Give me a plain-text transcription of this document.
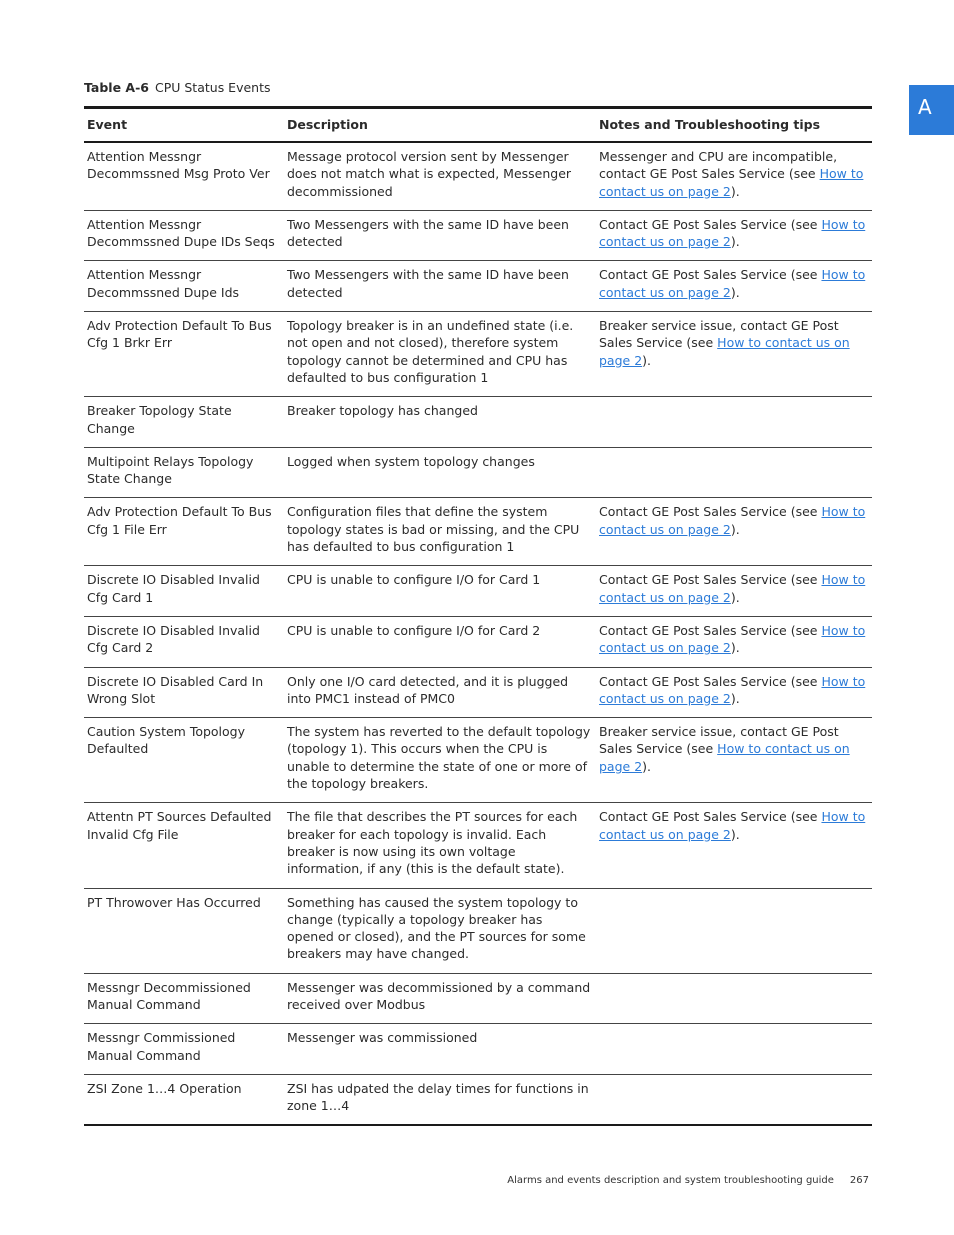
A
Table A-6 CPU Status Events
Event	Description	Notes and Troubleshooting tips
Attention Messngr Decommssned Msg Proto Ver	Message protocol version sent by Messenger does not match what is expected, Messenger decommissioned	Messenger and CPU are incompatible, contact GE Post Sales Service (see How to contact us on page 2).
Attention Messngr Decommssned Dupe IDs Seqs	Two Messengers with the same ID have been detected	Contact GE Post Sales Service (see How to contact us on page 2).
Attention Messngr Decommssned Dupe Ids	Two Messengers with the same ID have been detected	Contact GE Post Sales Service (see How to contact us on page 2).
Adv Protection Default To Bus Cfg 1 Brkr Err	Topology breaker is in an undefined state (i.e. not open and not closed), therefore system topology cannot be determined and CPU has defaulted to bus configuration 1	Breaker service issue, contact GE Post Sales Service (see How to contact us on page 2).
Breaker Topology State Change	Breaker topology has changed	
Multipoint Relays Topology State Change	Logged when system topology changes	
Adv Protection Default To Bus Cfg 1 File Err	Configuration files that define the system topology states is bad or missing, and the CPU has defaulted to bus configuration 1	Contact GE Post Sales Service (see How to contact us on page 2).
Discrete IO Disabled Invalid Cfg Card 1	CPU is unable to configure I/O for Card 1	Contact GE Post Sales Service (see How to contact us on page 2).
Discrete IO Disabled Invalid Cfg Card 2	CPU is unable to configure I/O for Card 2	Contact GE Post Sales Service (see How to contact us on page 2).
Discrete IO Disabled Card In Wrong Slot	Only one I/O card detected, and it is plugged into PMC1 instead of PMC0	Contact GE Post Sales Service (see How to contact us on page 2).
Caution System Topology Defaulted	The system has reverted to the default topology (topology 1). This occurs when the CPU is unable to determine the state of one or more of the topology breakers.	Breaker service issue, contact GE Post Sales Service (see How to contact us on page 2).
Attentn PT Sources Defaulted Invalid Cfg File	The file that describes the PT sources for each breaker for each topology is invalid. Each breaker is now using its own voltage information, if any (this is the default state).	Contact GE Post Sales Service (see How to contact us on page 2).
PT Throwover Has Occurred	Something has caused the system topology to change (typically a topology breaker has opened or closed), and the PT sources for some breakers may have changed.	
Messngr Decommissioned Manual Command	Messenger was decommissioned by a command received over Modbus	
Messngr Commissioned Manual Command	Messenger was commissioned	
ZSI Zone 1…4 Operation	ZSI has udpated the delay times for functions in zone 1…4	
Alarms and events description and system troubleshooting guide 267
